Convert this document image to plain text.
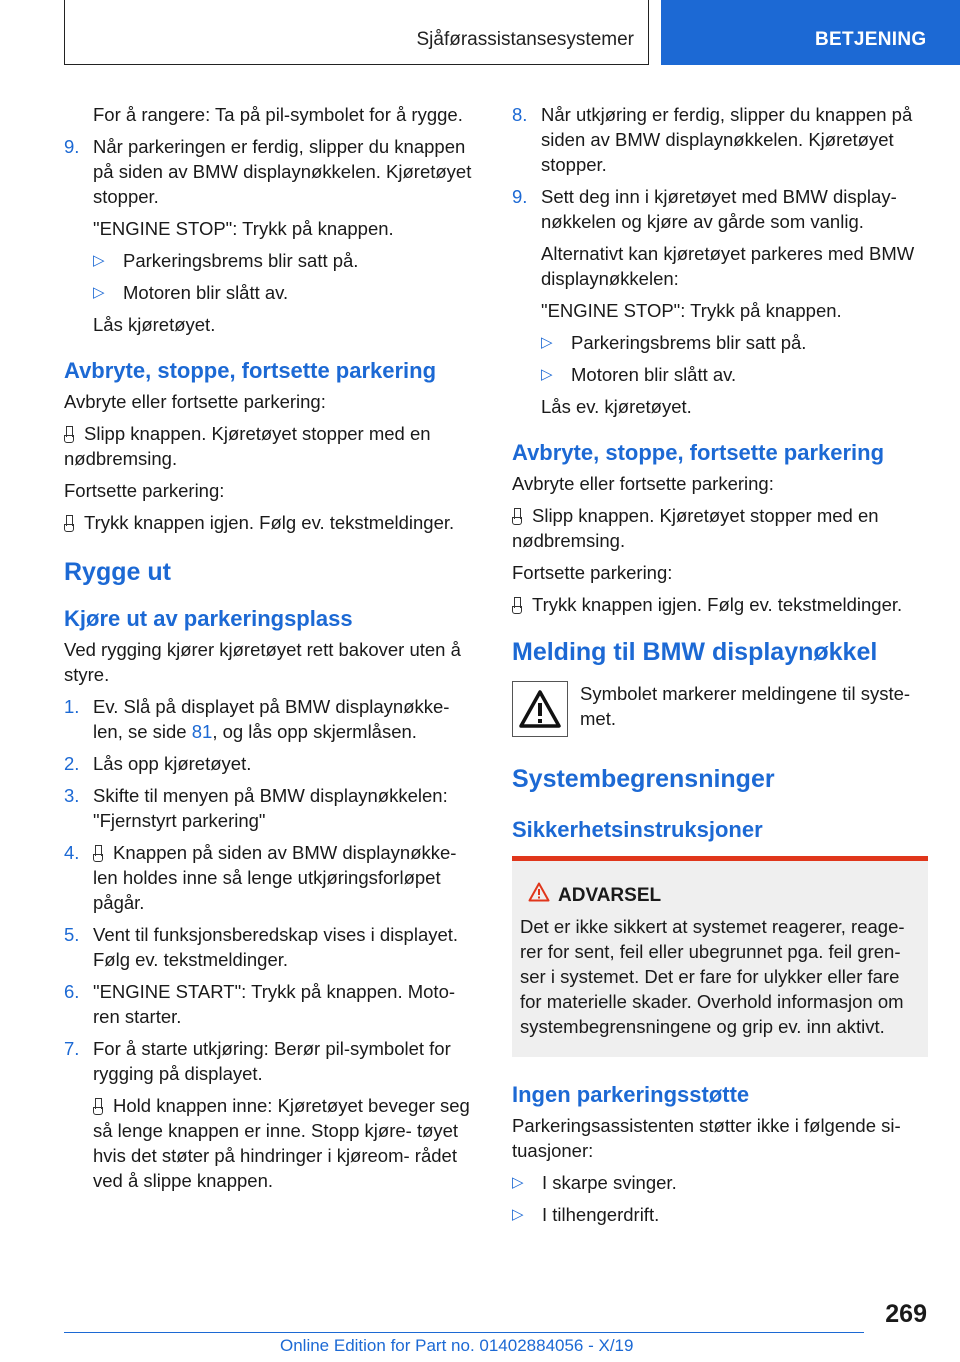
Sjåførassistansesystemer	BETJENING

For å rangere: Ta på pil-symbolet for å rygge.

9. Når parkeringen er ferdig, slipper du knappen på siden av BMW displaynøkkelen. Kjøretøyet stopper.

"ENGINE STOP": Trykk på knappen.

▷ Parkeringsbrems blir satt på.
▷ Motoren blir slått av.

Lås kjøretøyet.

Avbryte, stoppe, fortsette parkering

Avbryte eller fortsette parkering:

Slipp knappen. Kjøretøyet stopper med en nødbremsing.

Fortsette parkering:

Trykk knappen igjen. Følg ev. tekstmeldinger.

Rygge ut
Kjøre ut av parkeringsplass

Ved rygging kjører kjøretøyet rett bakover uten å styre.

1. Ev. Slå på displayet på BMW displaynøkke- len, se side 81, og lås opp skjermlåsen.

2. Lås opp kjøretøyet.

3. Skifte til menyen på BMW displaynøkkelen: "Fjernstyrt parkering"

4.	Knappen på siden av BMW displaynøkke- len holdes inne så lenge utkjøringsforløpet pågår.

5. Vent til funksjonsberedskap vises i displayet. Følg ev. tekstmeldinger.

6. "ENGINE START": Trykk på knappen. Moto- ren starter.

7. For å starte utkjøring: Berør pil-symbolet for rygging på displayet.

Hold knappen inne: Kjøretøyet beveger seg så lenge knappen er inne. Stopp kjøre- tøyet hvis det støter på hindringer i kjøreom- rådet ved å slippe knappen.

8. Når utkjøring er ferdig, slipper du knappen på siden av BMW displaynøkkelen. Kjøretøyet stopper.

9. Sett deg inn i kjøretøyet med BMW display- nøkkelen og kjøre av gårde som vanlig.

Alternativt kan kjøretøyet parkeres med BMW displaynøkkelen:

"ENGINE STOP": Trykk på knappen.

▷ Parkeringsbrems blir satt på.
▷ Motoren blir slått av.

Lås ev. kjøretøyet.

Avbryte, stoppe, fortsette parkering

Avbryte eller fortsette parkering:

Slipp knappen. Kjøretøyet stopper med en nødbremsing.

Fortsette parkering:

Trykk knappen igjen. Følg ev. tekstmeldinger.

Melding til BMW displaynøkkel

Symbolet markerer meldingene til syste- met.

Systembegrensninger
Sikkerhetsinstruksjoner
ADVARSEL

Det er ikke sikkert at systemet reagerer, reage- rer for sent, feil eller ubegrunnet pga. feil gren- ser i systemet. Det er fare for ulykker eller fare for materielle skader. Overhold informasjon om systembegrensningene og grip ev. inn aktivt.

Ingen parkeringsstøtte

Parkeringsassistenten støtter ikke i følgende si- tuasjoner:

▷ I skarpe svinger.
▷ I tilhengerdrift.
269
Online Edition for Part no. 01402884056 - X/19
